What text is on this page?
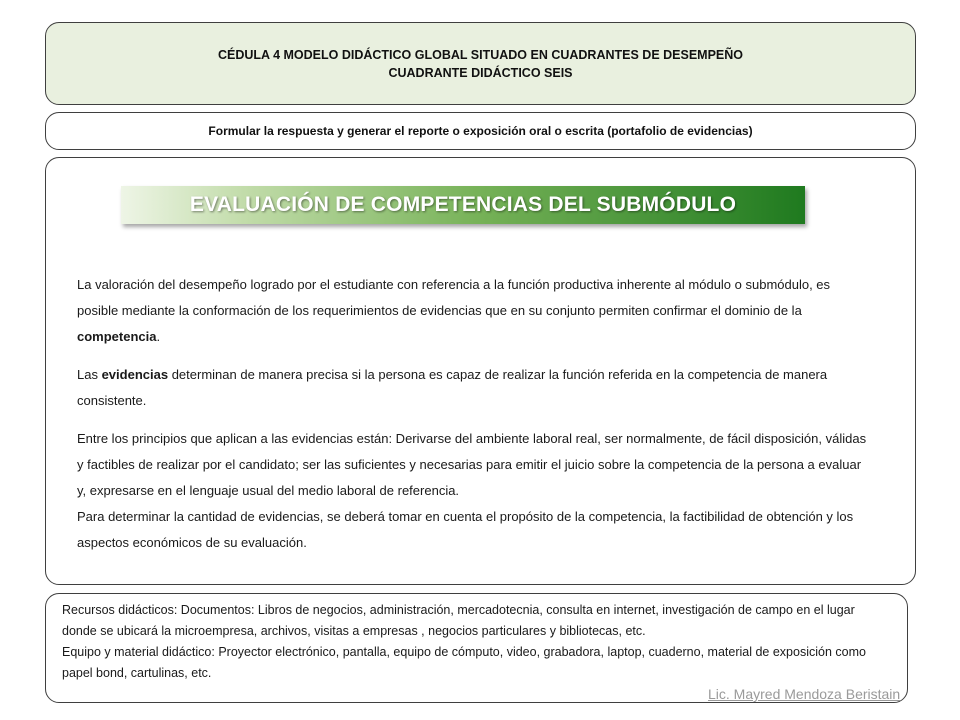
CÉDULA 4 MODELO DIDÁCTICO GLOBAL SITUADO EN CUADRANTES DE DESEMPEÑO
CUADRANTE DIDÁCTICO SEIS
Formular la respuesta y generar el reporte o exposición oral o escrita (portafolio de evidencias)
EVALUACIÓN DE COMPETENCIAS DEL SUBMÓDULO

La valoración del desempeño logrado por el estudiante con referencia a la función productiva inherente al módulo o submódulo, es posible mediante la conformación de los requerimientos de evidencias que en su conjunto permiten confirmar el dominio de la competencia.

Las evidencias determinan de manera precisa si la persona es capaz de realizar la función referida en la competencia de manera consistente.

Entre los principios que aplican a las evidencias están: Derivarse del ambiente laboral real, ser normalmente, de fácil disposición, válidas y factibles de realizar por el candidato; ser las suficientes y necesarias para emitir el juicio sobre la competencia de la persona a evaluar y, expresarse en el lenguaje usual del medio laboral de referencia.

Para determinar la cantidad de evidencias, se deberá tomar en cuenta el propósito de la competencia, la factibilidad de obtención y los aspectos económicos de su evaluación.

Recursos didácticos: Documentos: Libros de negocios, administración, mercadotecnia, consulta en internet, investigación de campo en el lugar donde se ubicará la microempresa, archivos, visitas a empresas , negocios particulares y bibliotecas, etc.

Equipo y material didáctico: Proyector electrónico, pantalla, equipo de cómputo, video, grabadora, laptop, cuaderno, material de exposición como papel bond, cartulinas, etc.

Lic. Mayred Mendoza Beristain
